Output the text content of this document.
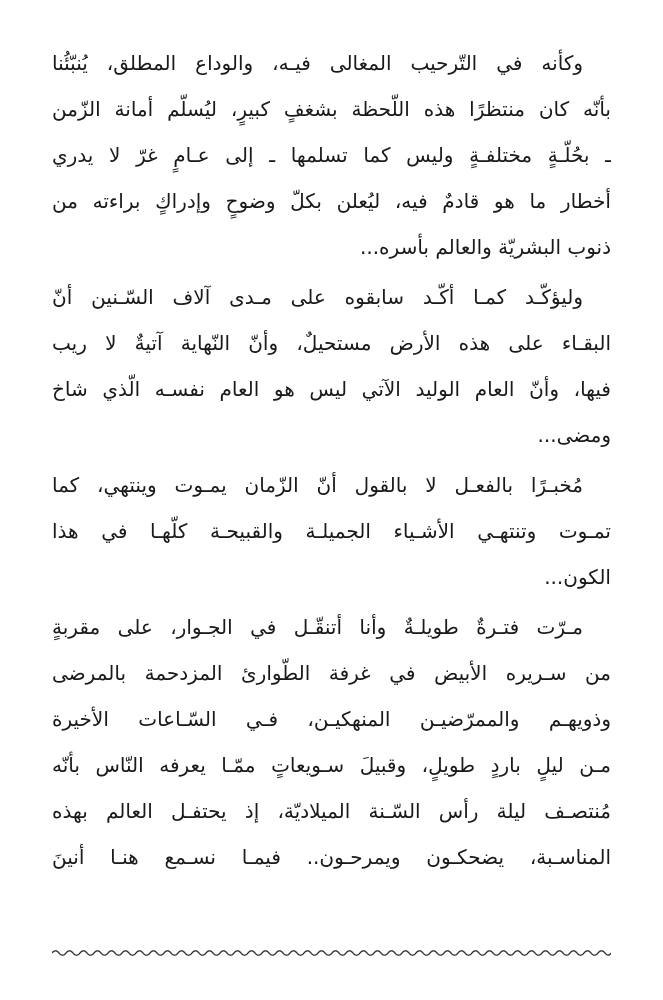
وكأنه في التّرحيب المغالى فيـه، والوداع المطلق، يُنبّئُنا
بأنّه كان منتظرًا هذه اللّحظة بشغفٍ كبيرٍ، ليُسلّم أمانة الزّمن
ـ بحُلّـةٍ مختلفـةٍ وليس كما تسلمها ـ إلى عـامٍ غرّ لا يدري
أخطار ما هو قادمٌ فيه، ليُعلن بكلّ وضوحٍ وإدراكٍ براءته من
ذنوب البشريّة والعالم بأسره...
وليؤكّـد كمـا أكّـد سابقوه على مـدى آلاف السّـنين أنّ
البقـاء على هذه الأرض مستحيلٌ، وأنّ النّهاية آتيةٌ لا ريب
فيها، وأنّ العام الوليد الآتي ليس هو العام نفسـه الّذي شاخ
ومضى...
مُخبـرًا بالفعـل لا بالقول أنّ الزّمان يمـوت وينتهي، كما
تمـوت وتنتهـي الأشـياء الجميلـة والقبيحـة كلّهـا في هذا
الكون...
مـرّت فتـرةٌ طويلـةٌ وأنا أتنقّـل في الجـوار، على مقربةٍ
من سـريره الأبيض في غرفة الطّوارئ المزدحمة بالمرضى
وذويهـم والممرّضيـن المنهكيـن، فـي السّـاعات الأخيرة
مـن ليلٍ باردٍ طويلٍ، وقبيلَ سـويعاتٍ ممّـا يعرفه النّاس بأنّه
مُنتصـف ليلة رأس السّـنة الميلاديّة، إذ يحتفـل العالم بهذه
المناسـبة، يضحكـون ويمرحـون.. فيمـا نسـمع هنـا أنينَ
